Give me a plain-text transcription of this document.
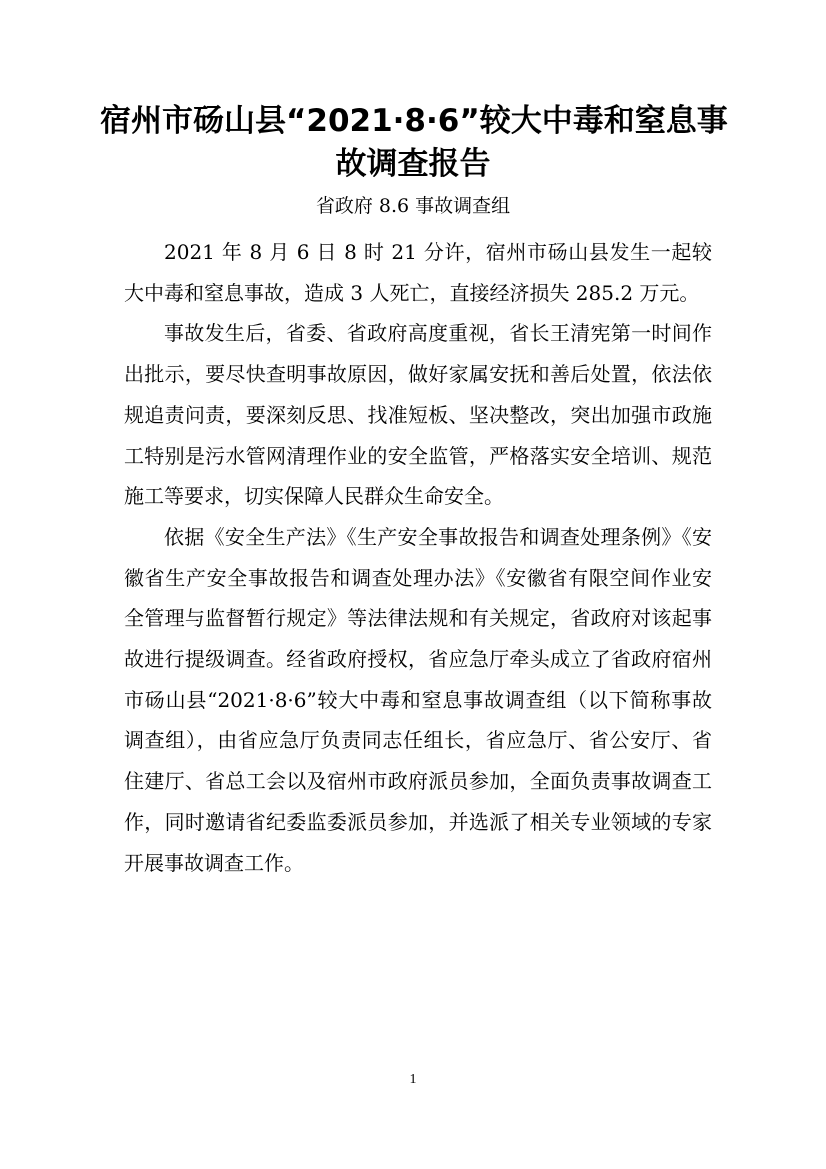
宿州市砀山县“2021·8·6”较大中毒和窒息事
故调查报告
省政府 8.6 事故调查组

2021 年 8 月 6 日 8 时 21 分许，宿州市砀山县发生一起较大中毒和窒息事故，造成 3 人死亡，直接经济损失 285.2 万元。

事故发生后，省委、省政府高度重视，省长王清宪第一时间作出批示，要尽快查明事故原因，做好家属安抚和善后处置，依法依规追责问责，要深刻反思、找准短板、坚决整改，突出加强市政施工特别是污水管网清理作业的安全监管，严格落实安全培训、规范施工等要求，切实保障人民群众生命安全。

依据《安全生产法》《生产安全事故报告和调查处理条例》《安徽省生产安全事故报告和调查处理办法》《安徽省有限空间作业安全管理与监督暂行规定》等法律法规和有关规定，省政府对该起事故进行提级调查。经省政府授权，省应急厅牵头成立了省政府宿州市砀山县“2021·8·6”较大中毒和窒息事故调查组（以下简称事故调查组），由省应急厅负责同志任组长，省应急厅、省公安厅、省住建厅、省总工会以及宿州市政府派员参加，全面负责事故调查工作，同时邀请省纪委监委派员参加，并选派了相关专业领域的专家开展事故调查工作。

1
